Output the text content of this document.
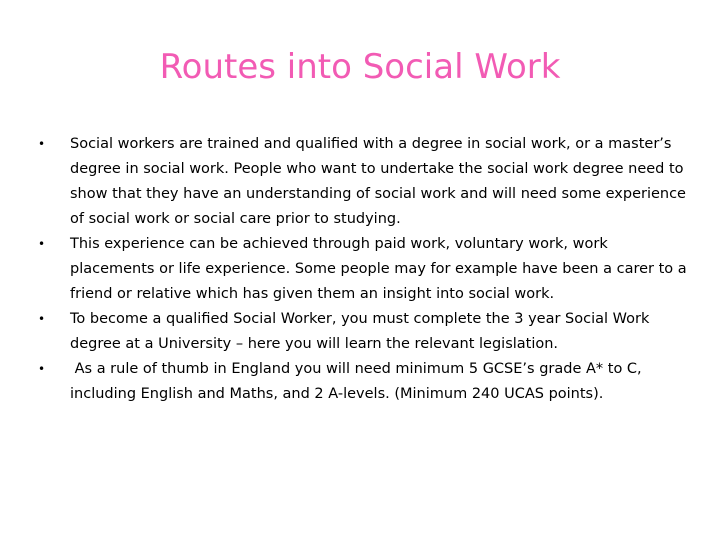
Routes into Social Work
•	Social workers are trained and qualified with a degree in social work, or a master’s degree in social work. People who want to undertake the social work degree need to show that they have an understanding of social work and will need some experience of social work or social care prior to studying.
•	This experience can be achieved through paid work, voluntary work, work placements or life experience. Some people may for example have been a carer to a friend or relative which has given them an insight into social work.
•	To become a qualified Social Worker, you must complete the 3 year Social Work degree at a University – here you will learn the relevant legislation.
•	As a rule of thumb in England you will need minimum 5 GCSE’s grade A* to C, including English and Maths, and 2 A-levels. (Minimum 240 UCAS points).
